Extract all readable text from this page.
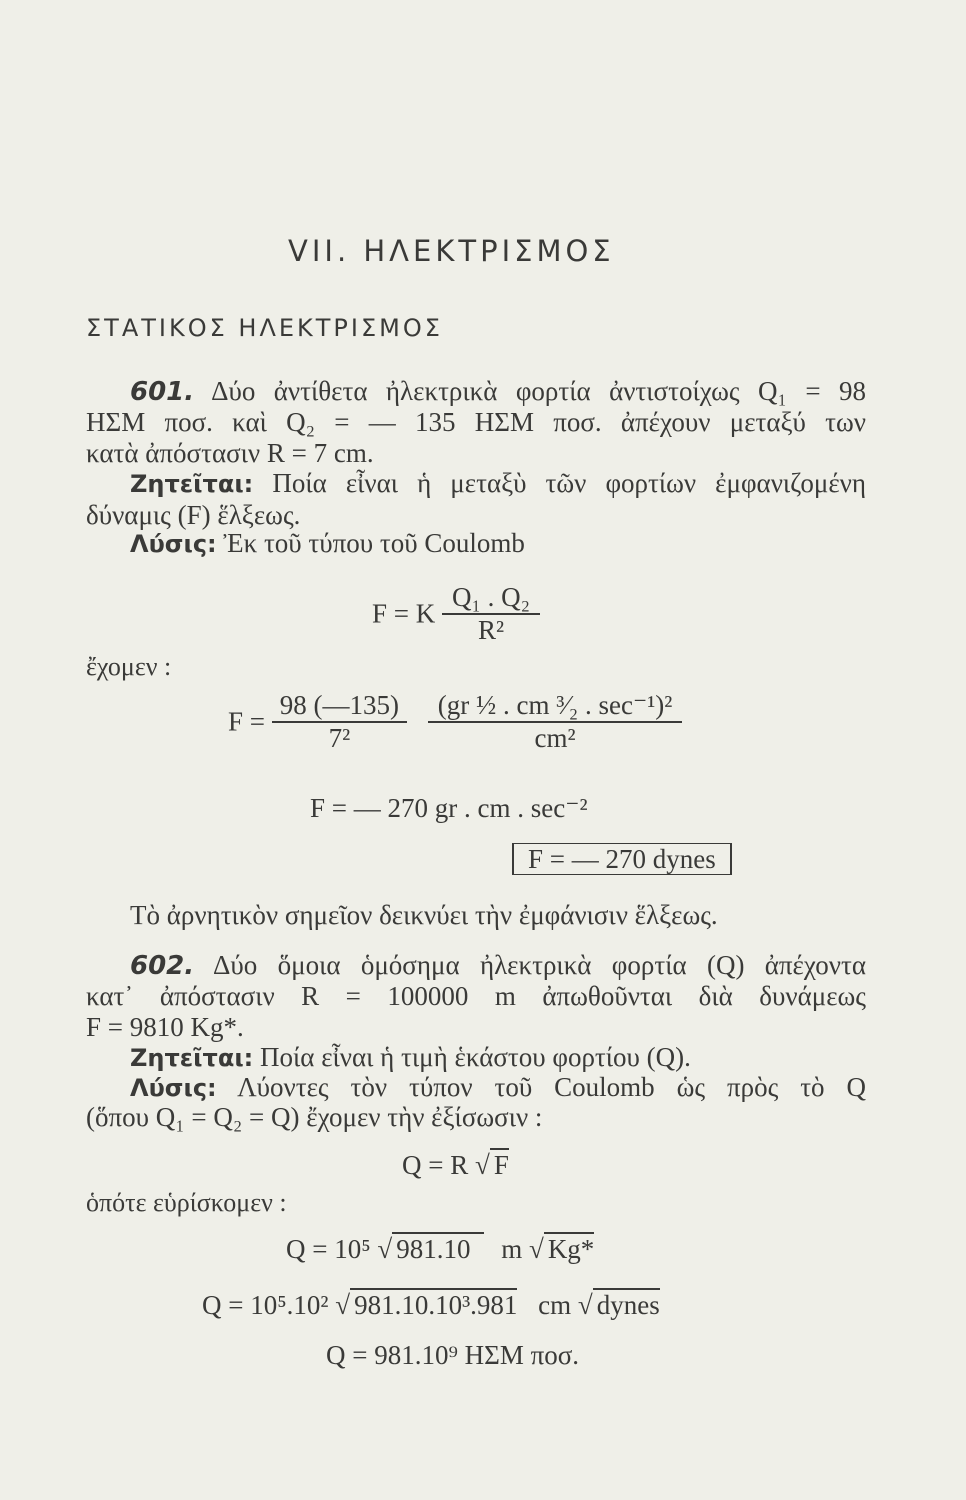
VII. ΗΛΕΚΤΡΙΣΜΟΣ
ΣΤΑΤΙΚΟΣ ΗΛΕΚΤΡΙΣΜΟΣ
601. Δύο ἀντίθετα ἠλεκτρικὰ φορτία ἀντιστοίχως Q₁ = 98
ΗΣΜ ποσ. καὶ Q₂ = — 135 ΗΣΜ ποσ. ἀπέχουν μεταξύ των
κατὰ ἀπόστασιν R = 7 cm.
Ζητεῖται: Ποία εἶναι ἡ μεταξὺ τῶν φορτίων ἐμφανιζομένη
δύναμις (F) ἕλξεως.
Λύσις: Ἐκ τοῦ τύπου τοῦ Coulomb
F = K $\frac{\text{Q₁ . Q₂}}{\text{R²}}$
ἔχομεν :
$F = \frac{98 (—135)}{\text{7²}}$
$\frac{\text{(gr ½ . cm ³⁄₂ . sec⁻¹)²}}{\text{cm²}}$
F = — 270 gr . cm . sec⁻²
F = — 270 dynes
Τὸ ἀρνητικὸν σημεῖον δεικνύει τὴν ἐμφάνισιν ἕλξεως.
602. Δύο ὅμοια ὁμόσημα ἠλεκτρικὰ φορτία (Q) ἀπέχοντα
κατ᾽ ἀπόστασιν R = 100000 m ἀπωθοῦνται διὰ δυνάμεως
F = 9810 Kg*.
Ζητεῖται: Ποία εἶναι ἡ τιμὴ ἑκάστου φορτίου (Q).
Λύσις: Λύοντες τὸν τύπον τοῦ Coulomb ὡς πρὸς τὸ Q
(ὅπου Q₁ = Q₂ = Q) ἔχομεν τὴν ἐξίσωσιν :
Q = R √ F
ὁπότε εὑρίσκομεν :
Q = 10⁵ √ 981.10 m √ Kg*
Q = 10⁵.10² √ 981.10.10³.981 cm √ dynes
Q = 981.10⁹ ΗΣΜ ποσ.
